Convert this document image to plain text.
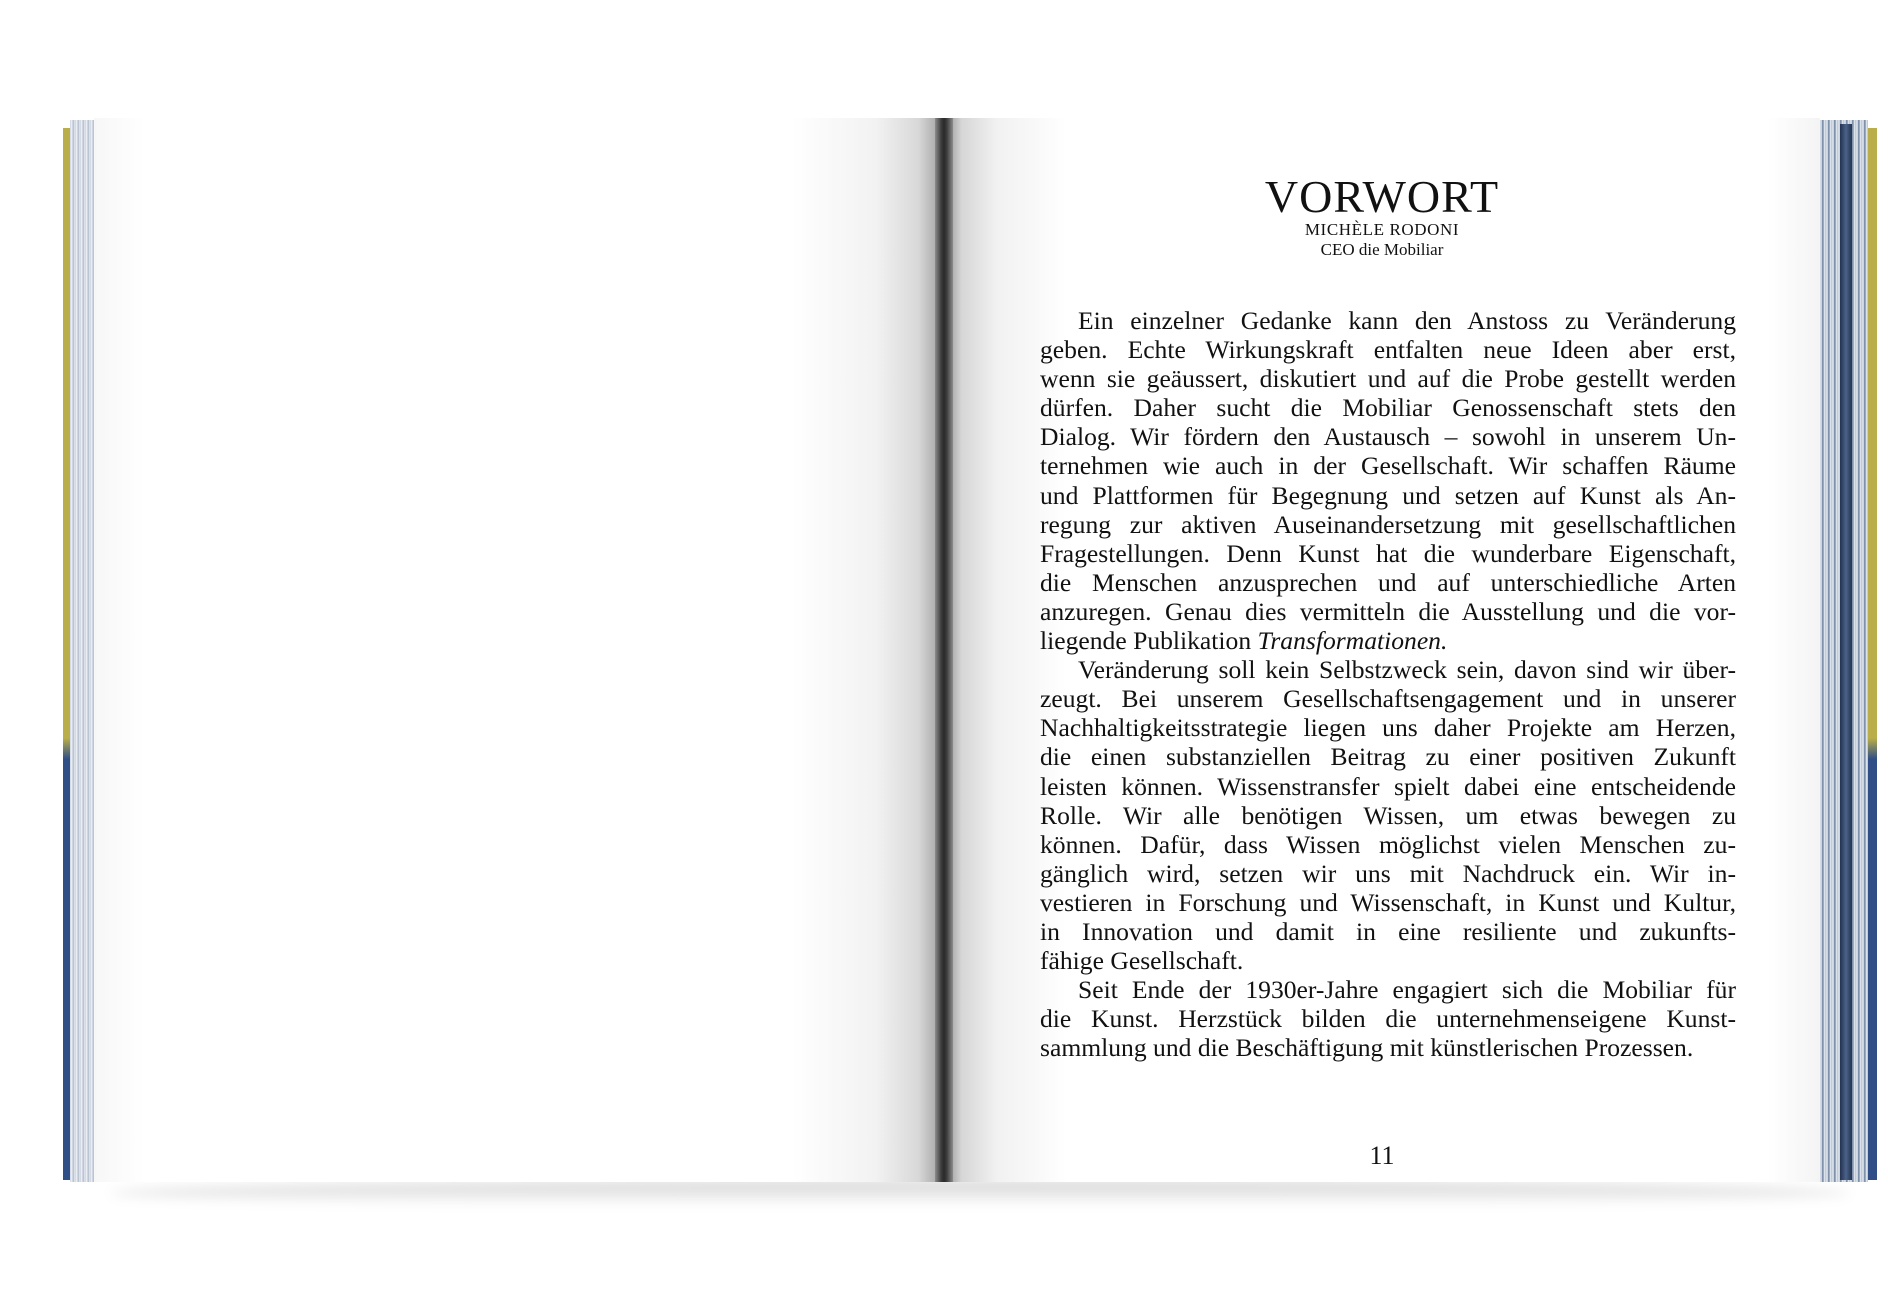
VORWORT
MICHÈLE RODONI
CEO die Mobiliar
Ein einzelner Gedanke kann den Anstoss zu Veränderung
geben. Echte Wirkungskraft entfalten neue Ideen aber erst,
wenn sie geäussert, diskutiert und auf die Probe gestellt werden
dürfen. Daher sucht die Mobiliar Genossenschaft stets den
Dialog. Wir fördern den Austausch – sowohl in unserem Un-
ternehmen wie auch in der Gesellschaft. Wir schaffen Räume
und Plattformen für Begegnung und setzen auf Kunst als An-
regung zur aktiven Auseinandersetzung mit gesellschaftlichen
Fragestellungen. Denn Kunst hat die wunderbare Eigenschaft,
die Menschen anzusprechen und auf unterschiedliche Arten
anzuregen. Genau dies vermitteln die Ausstellung und die vor-
liegende Publikation Transformationen.
Veränderung soll kein Selbstzweck sein, davon sind wir über-
zeugt. Bei unserem Gesellschaftsengagement und in unserer
Nachhaltigkeitsstrategie liegen uns daher Projekte am Herzen,
die einen substanziellen Beitrag zu einer positiven Zukunft
leisten können. Wissenstransfer spielt dabei eine entscheidende
Rolle. Wir alle benötigen Wissen, um etwas bewegen zu
können. Dafür, dass Wissen möglichst vielen Menschen zu-
gänglich wird, setzen wir uns mit Nachdruck ein. Wir in-
vestieren in Forschung und Wissenschaft, in Kunst und Kultur,
in Innovation und damit in eine resiliente und zukunfts-
fähige Gesellschaft.
Seit Ende der 1930er-Jahre engagiert sich die Mobiliar für
die Kunst. Herzstück bilden die unternehmenseigene Kunst-
sammlung und die Beschäftigung mit künstlerischen Prozessen.
11
